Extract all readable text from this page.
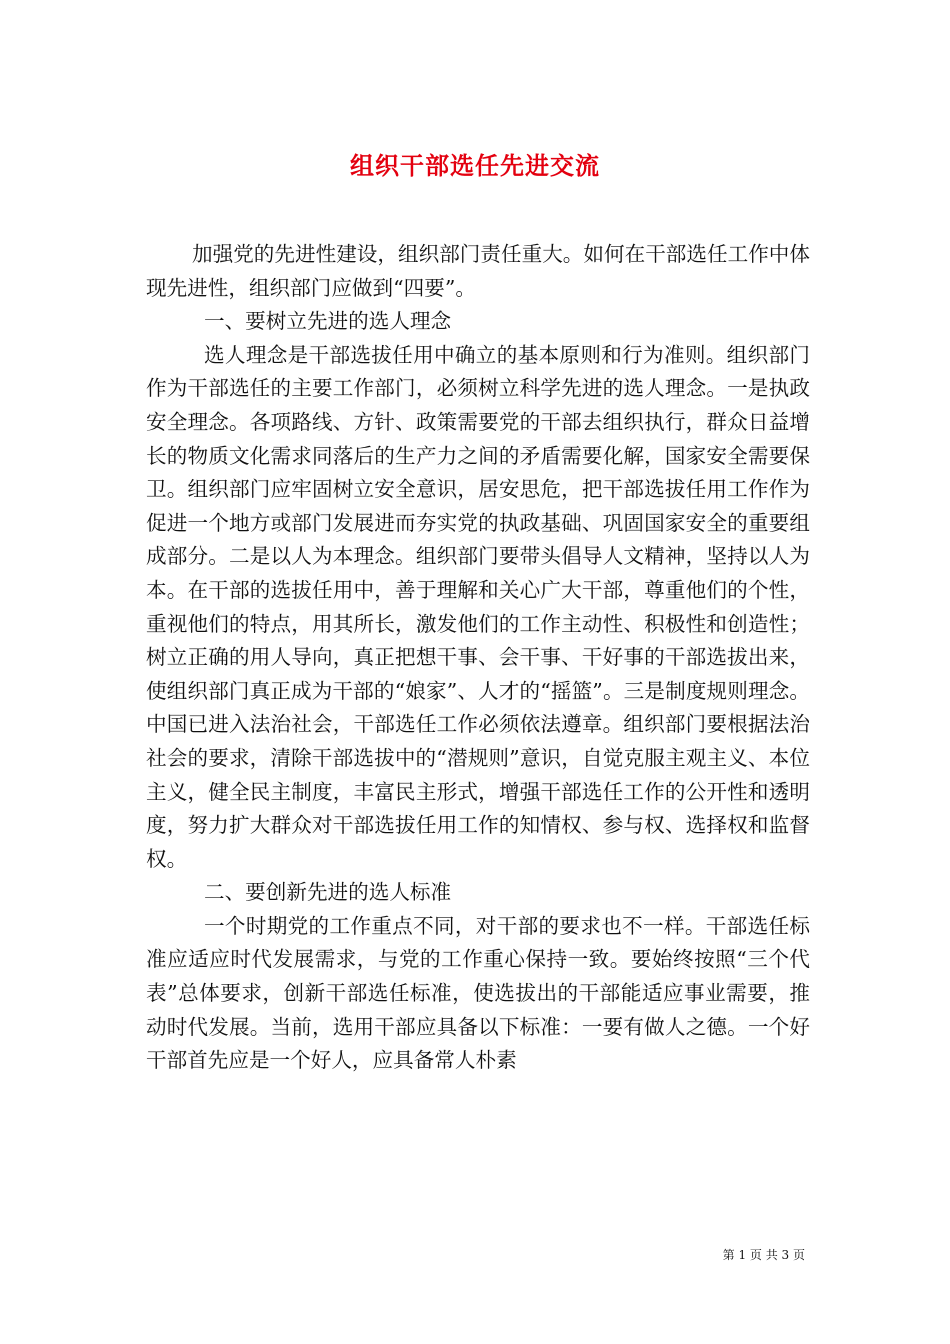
组织干部选任先进交流

加强党的先进性建设，组织部门责任重大。如何在干部选任工作中体现先进性，组织部门应做到“四要”。

一、要树立先进的选人理念

选人理念是干部选拔任用中确立的基本原则和行为准则。组织部门作为干部选任的主要工作部门，必须树立科学先进的选人理念。一是执政安全理念。各项路线、方针、政策需要党的干部去组织执行，群众日益增长的物质文化需求同落后的生产力之间的矛盾需要化解，国家安全需要保卫。组织部门应牢固树立安全意识，居安思危，把干部选拔任用工作作为促进一个地方或部门发展进而夯实党的执政基础、巩固国家安全的重要组成部分。二是以人为本理念。组织部门要带头倡导人文精神，坚持以人为本。在干部的选拔任用中，善于理解和关心广大干部，尊重他们的个性，重视他们的特点，用其所长，激发他们的工作主动性、积极性和创造性；树立正确的用人导向，真正把想干事、会干事、干好事的干部选拔出来，使组织部门真正成为干部的“娘家”、人才的“摇篮”。三是制度规则理念。中国已进入法治社会，干部选任工作必须依法遵章。组织部门要根据法治社会的要求，清除干部选拔中的“潜规则”意识，自觉克服主观主义、本位主义，健全民主制度，丰富民主形式，增强干部选任工作的公开性和透明度，努力扩大群众对干部选拔任用工作的知情权、参与权、选择权和监督权。

二、要创新先进的选人标准

一个时期党的工作重点不同，对干部的要求也不一样。干部选任标准应适应时代发展需求，与党的工作重心保持一致。要始终按照“三个代表”总体要求，创新干部选任标准，使选拔出的干部能适应事业需要，推动时代发展。当前，选用干部应具备以下标准：一要有做人之德。一个好干部首先应是一个好人，应具备常人朴素

第 1 页 共 3 页
